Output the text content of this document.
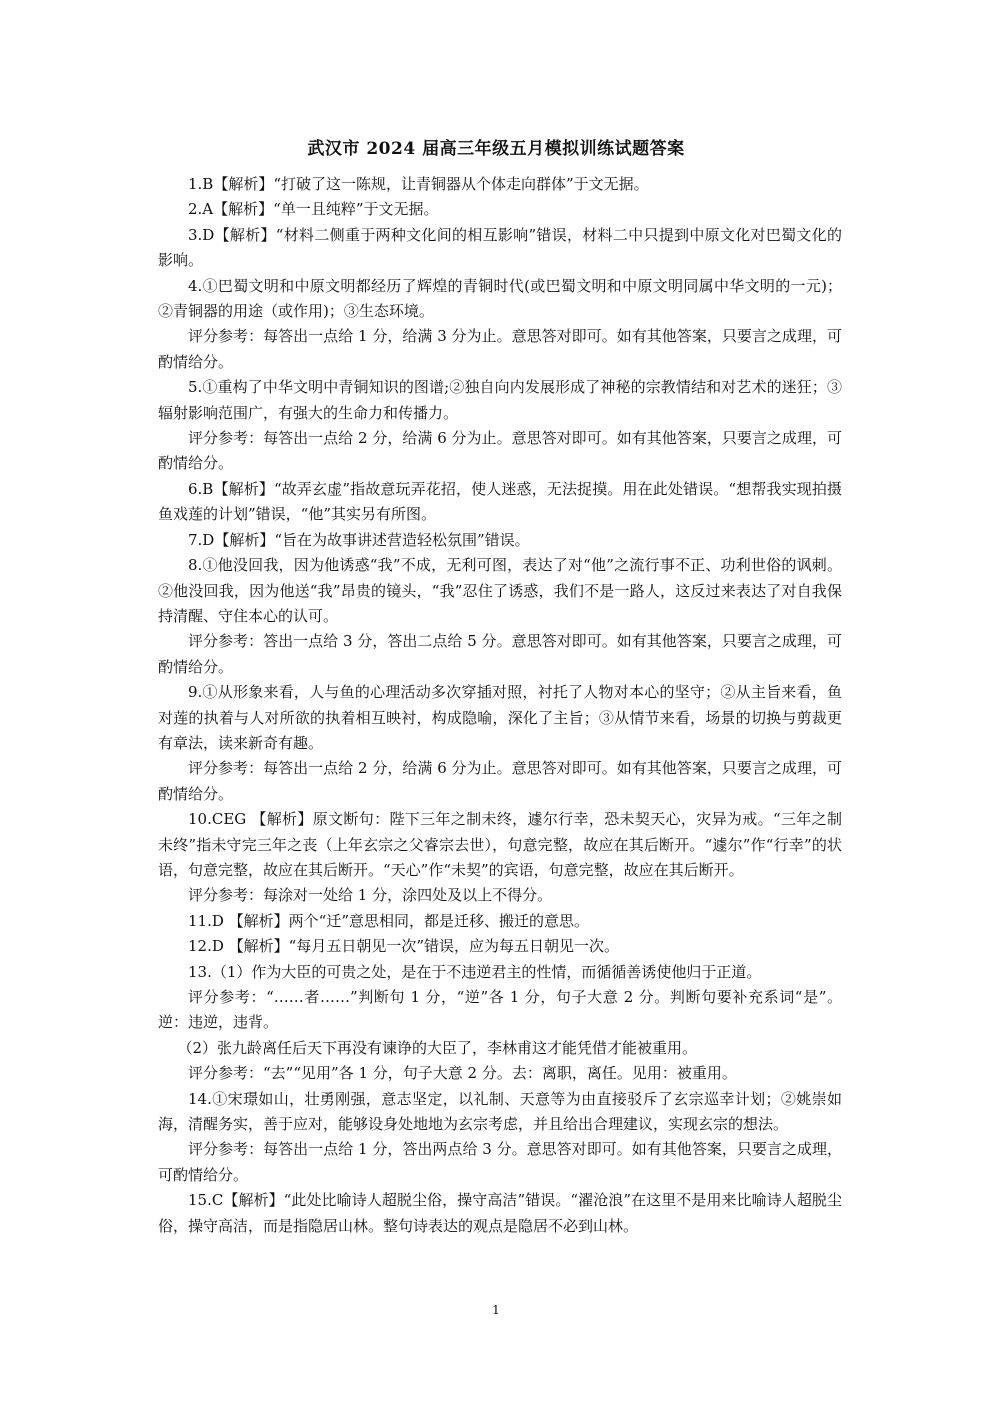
武汉市 2024 届高三年级五月模拟训练试题答案

1.B【解析】“打破了这一陈规，让青铜器从个体走向群体”于文无据。

2.A【解析】“单一且纯粹”于文无据。

3.D【解析】“材料二侧重于两种文化间的相互影响”错误，材料二中只提到中原文化对巴蜀文化的影响。

4.①巴蜀文明和中原文明都经历了辉煌的青铜时代(或巴蜀文明和中原文明同属中华文明的一元)；②青铜器的用途（或作用)；③生态环境。

评分参考：每答出一点给 1 分，给满 3 分为止。意思答对即可。如有其他答案，只要言之成理，可酌情给分。

5.①重构了中华文明中青铜知识的图谱;②独自向内发展形成了神秘的宗教情结和对艺术的迷狂；③辐射影响范围广，有强大的生命力和传播力。

评分参考：每答出一点给 2 分，给满 6 分为止。意思答对即可。如有其他答案，只要言之成理，可酌情给分。

6.B【解析】“故弄玄虚”指故意玩弄花招，使人迷惑，无法捉摸。用在此处错误。“想帮我实现拍摄鱼戏莲的计划”错误，“他”其实另有所图。

7.D【解析】“旨在为故事讲述营造轻松氛围”错误。

8.①他没回我，因为他诱惑“我”不成，无利可图，表达了对“他”之流行事不正、功利世俗的讽刺。②他没回我，因为他送“我”昂贵的镜头，“我”忍住了诱惑，我们不是一路人，这反过来表达了对自我保持清醒、守住本心的认可。

评分参考：答出一点给 3 分，答出二点给 5 分。意思答对即可。如有其他答案，只要言之成理，可酌情给分。

9.①从形象来看，人与鱼的心理活动多次穿插对照，衬托了人物对本心的坚守；②从主旨来看，鱼对莲的执着与人对所欲的执着相互映衬，构成隐喻，深化了主旨；③从情节来看，场景的切换与剪裁更有章法，读来新奇有趣。

评分参考：每答出一点给 2 分，给满 6 分为止。意思答对即可。如有其他答案，只要言之成理，可酌情给分。

10.CEG 【解析】原文断句：陛下三年之制未终，遽尔行幸，恐未契天心，灾异为戒。“三年之制未终”指未守完三年之丧（上年玄宗之父睿宗去世），句意完整，故应在其后断开。“遽尔”作“行幸”的状语，句意完整，故应在其后断开。“天心”作“未契”的宾语，句意完整，故应在其后断开。

评分参考：每涂对一处给 1 分，涂四处及以上不得分。

11.D 【解析】两个“迁”意思相同，都是迁移、搬迁的意思。

12.D 【解析】“每月五日朝见一次”错误，应为每五日朝见一次。

13.（1）作为大臣的可贵之处，是在于不违逆君主的性情，而循循善诱使他归于正道。

评分参考：“……者……”判断句 1 分，“逆”各 1 分，句子大意 2 分。判断句要补充系词“是”。逆：违逆，违背。

（2）张九龄离任后天下再没有谏诤的大臣了，李林甫这才能凭借才能被重用。

评分参考：“去”“见用”各 1 分，句子大意 2 分。去：离职，离任。见用：被重用。

14.①宋璟如山，壮勇刚强，意志坚定，以礼制、天意等为由直接驳斥了玄宗巡幸计划；②姚崇如海，清醒务实，善于应对，能够设身处地地为玄宗考虑，并且给出合理建议，实现玄宗的想法。

评分参考：每答出一点给 1 分，答出两点给 3 分。意思答对即可。如有其他答案，只要言之成理，可酌情给分。

15.C【解析】“此处比喻诗人超脱尘俗，操守高洁”错误。“濯沧浪”在这里不是用来比喻诗人超脱尘俗，操守高洁，而是指隐居山林。整句诗表达的观点是隐居不必到山林。

1
